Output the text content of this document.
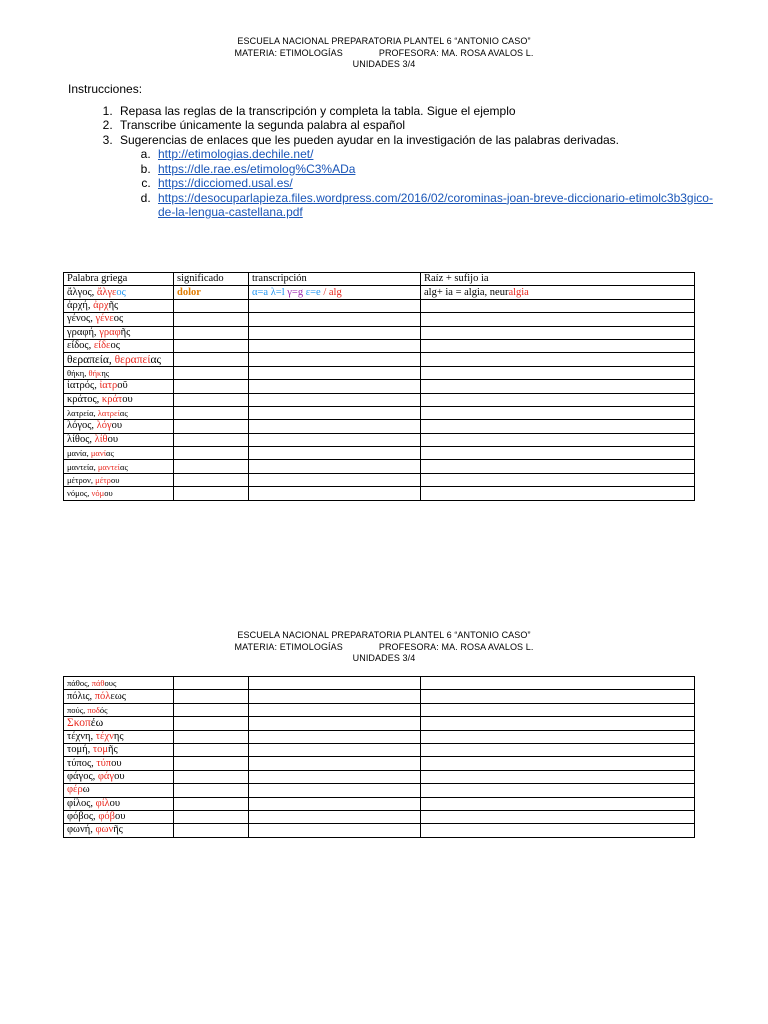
ESCUELA NACIONAL PREPARATORIA PLANTEL 6 “ANTONIO CASO”
MATERIA: ETIMOLOGÍAS	PROFESORA: MA. ROSA AVALOS L.
UNIDADES 3/4
Instrucciones:
1. Repasa las reglas de la transcripción y completa la tabla. Sigue el ejemplo
2. Transcribe únicamente la segunda palabra al español
3. Sugerencias de enlaces que les pueden ayudar en la investigación de las palabras derivadas.
a. http://etimologias.dechile.net/
b. https://dle.rae.es/etimolog%C3%ADa
c. https://dicciomed.usal.es/
d. https://desocuparlapieza.files.wordpress.com/2016/02/corominas-joan-breve-diccionario-etimolc3b3gico-de-la-lengua-castellana.pdf
Palabra griega	significado	transcripción	Raíz + sufijo ia
ἄλγος, ἄλγεος	dolor	α=a λ=l γ=g ε=e / alg	alg+ ia = algia, neuralgia
ἀρχή, ἀρχῆς			
γένος, γένεος			
γραφή, γραφῆς			
εἶδος, εἶδεος			
θεραπεία, θεραπείας			
θήκη, θήκης			
ἰατρός, ἰατροῦ			
κράτος, κράτου			
λατρεία, λατρείας			
λόγος, λόγου			
λίθος, λίθου			
μανία, μανίας			
μαντεία, μαντείας			
μέτρον, μέτρου			
νόμος, νόμου			
ESCUELA NACIONAL PREPARATORIA PLANTEL 6 “ANTONIO CASO”
MATERIA: ETIMOLOGÍAS	PROFESORA: MA. ROSA AVALOS L.
UNIDADES 3/4
πάθος, πάθους			
πόλις, πόλεως			
πούς, ποδός			
Σκοπέω			
τέχνη, τέχνης			
τομή, τομῆς			
τύπος, τύπου			
φάγος, φάγου			
φέρω			
φίλος, φίλου			
φόβος, φόβου			
φωνή, φωνῆς			
